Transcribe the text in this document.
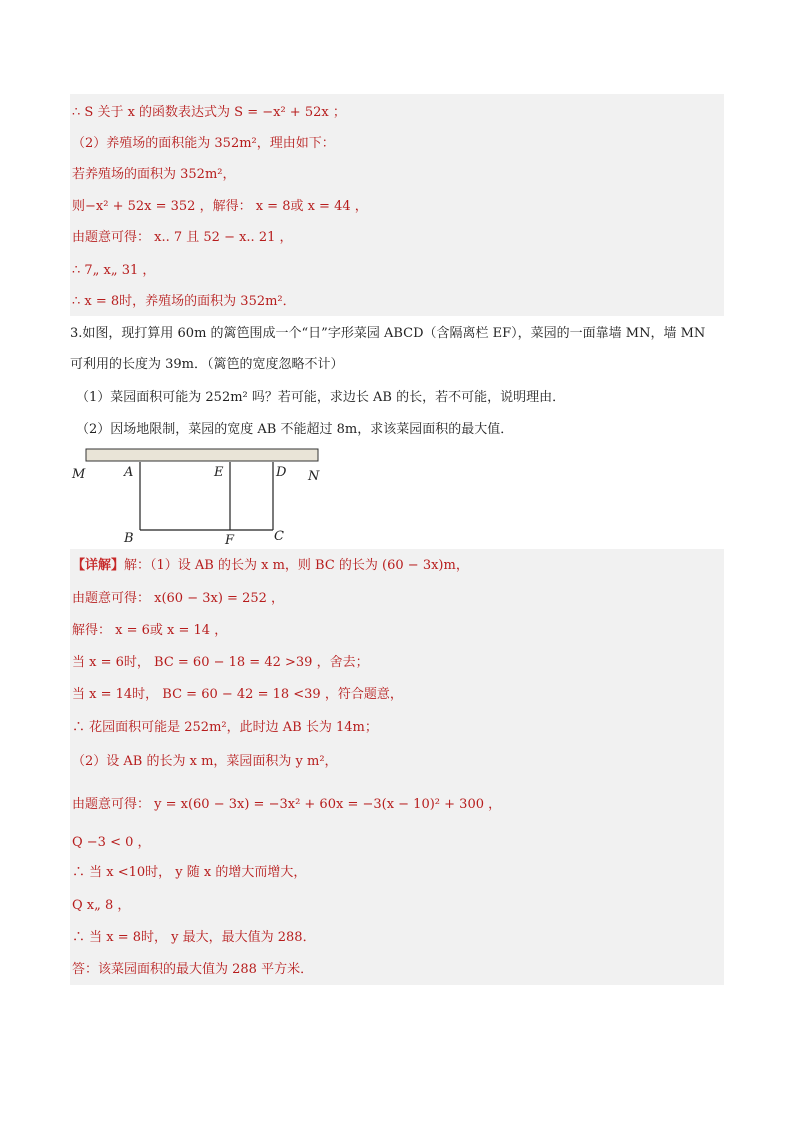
∴ S 关于 x 的函数表达式为 S = −x² + 52x ；
（2）养殖场的面积能为 352m²，理由如下：
若养殖场的面积为 352m²，
则−x² + 52x = 352 ，解得： x = 8或 x = 44 ，
由题意可得： x.. 7 且 52 − x.. 21 ，
∴ 7„ x„ 31 ，
∴ x = 8时，养殖场的面积为 352m²．
3.如图，现打算用 60m 的篱笆围成一个“日”字形菜园 ABCD（含隔离栏 EF），菜园的一面靠墙 MN，墙 MN
可利用的长度为 39m．（篱笆的宽度忽略不计）
（1）菜园面积可能为 252m² 吗？若可能，求边长 AB 的长，若不可能，说明理由．
（2）因场地限制，菜园的宽度 AB 不能超过 8m，求该菜园面积的最大值．
M	A	E	D N
B	F	C
【详解】解：（1）设 AB 的长为 x m，则 BC 的长为 (60 − 3x)m，
由题意可得： x(60 − 3x) = 252 ，
解得： x = 6或 x = 14 ，
当 x = 6时， BC = 60 − 18 = 42 >39 ，舍去；
当 x = 14时， BC = 60 − 42 = 18 <39 ，符合题意，
∴ 花园面积可能是 252m²，此时边 AB 长为 14m；
（2）设 AB 的长为 x m，菜园面积为 y m²，
由题意可得： y = x(60 − 3x) = −3x² + 60x = −3(x − 10)² + 300 ，
Q −3 < 0 ，
∴ 当 x <10时， y 随 x 的增大而增大，
Q x„ 8 ，
∴ 当 x = 8时， y 最大，最大值为 288．
答：该菜园面积的最大值为 288 平方米．
